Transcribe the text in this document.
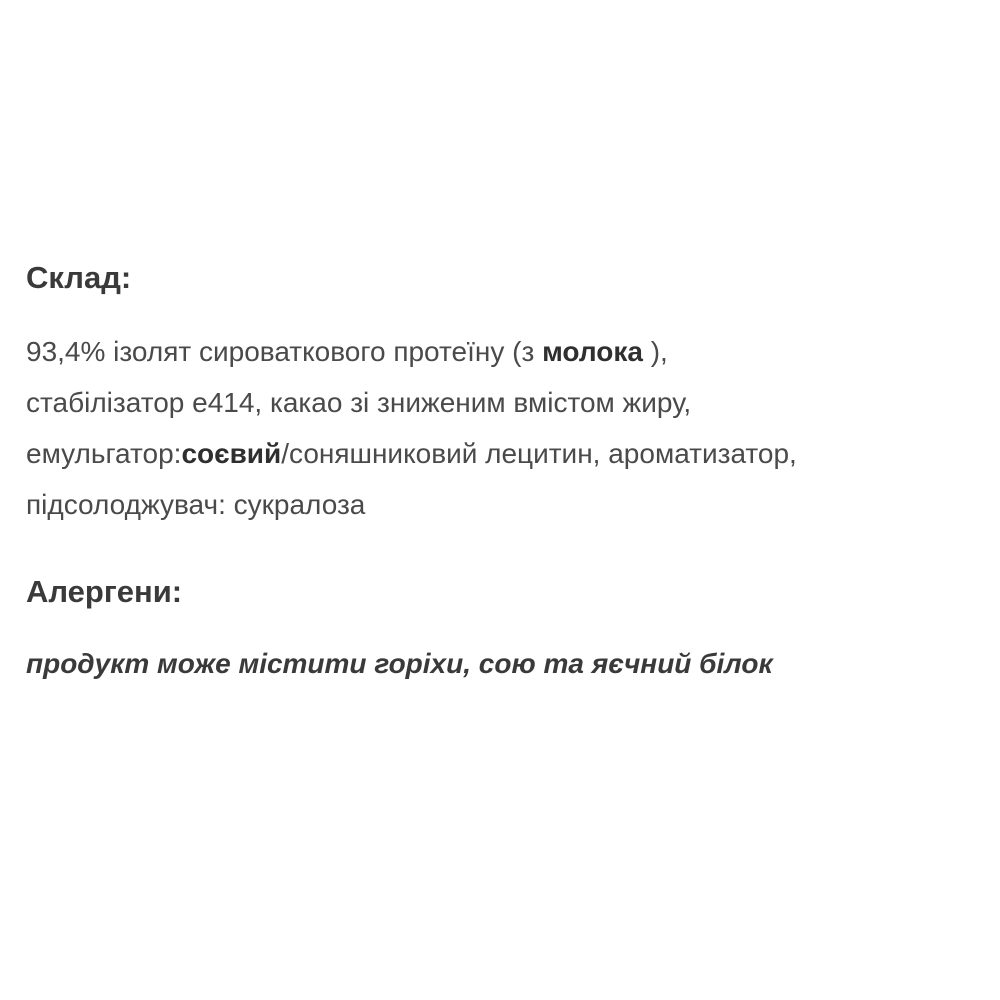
Склад:

93,4% ізолят сироваткового протеїну (з молока ),
стабілізатор е414, какао зі зниженим вмістом жиру,
емульгатор:соєвий/соняшниковий лецитин, ароматизатор,
підсолоджувач: сукралоза

Алергени:

продукт може містити горіхи, сою та яєчний білок
